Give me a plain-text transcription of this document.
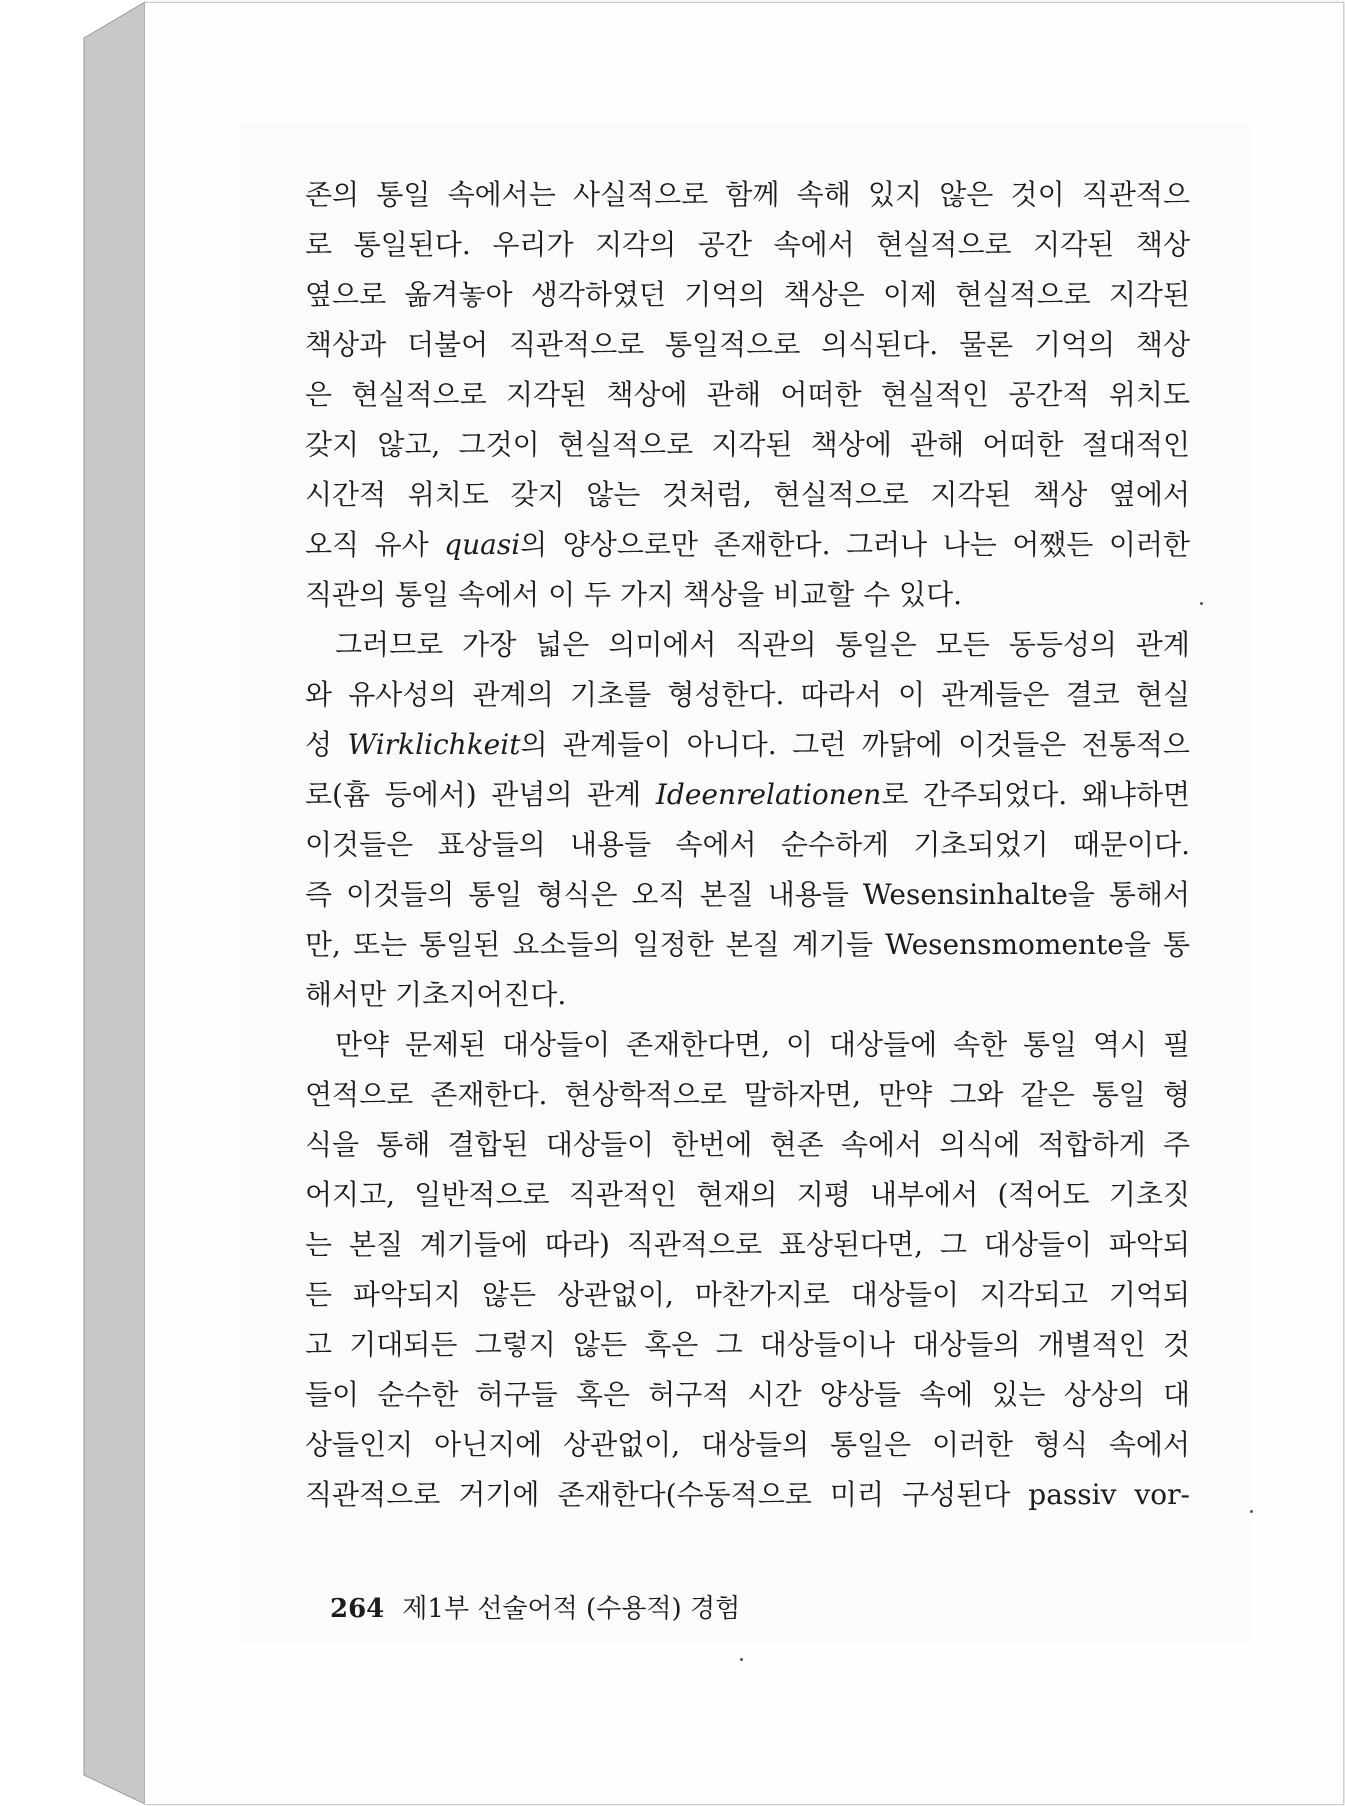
존의 통일 속에서는 사실적으로 함께 속해 있지 않은 것이 직관적으
로 통일된다. 우리가 지각의 공간 속에서 현실적으로 지각된 책상
옆으로 옮겨놓아 생각하였던 기억의 책상은 이제 현실적으로 지각된
책상과 더불어 직관적으로 통일적으로 의식된다. 물론 기억의 책상
은 현실적으로 지각된 책상에 관해 어떠한 현실적인 공간적 위치도
갖지 않고, 그것이 현실적으로 지각된 책상에 관해 어떠한 절대적인
시간적 위치도 갖지 않는 것처럼, 현실적으로 지각된 책상 옆에서
오직 유사 quasi의 양상으로만 존재한다. 그러나 나는 어쨌든 이러한
직관의 통일 속에서 이 두 가지 책상을 비교할 수 있다.
그러므로 가장 넓은 의미에서 직관의 통일은 모든 동등성의 관계
와 유사성의 관계의 기초를 형성한다. 따라서 이 관계들은 결코 현실
성 Wirklichkeit의 관계들이 아니다. 그런 까닭에 이것들은 전통적으
로(흄 등에서) 관념의 관계 Ideenrelationen로 간주되었다. 왜냐하면
이것들은 표상들의 내용들 속에서 순수하게 기초되었기 때문이다.
즉 이것들의 통일 형식은 오직 본질 내용들 Wesensinhalte을 통해서
만, 또는 통일된 요소들의 일정한 본질 계기들 Wesensmomente을 통
해서만 기초지어진다.
만약 문제된 대상들이 존재한다면, 이 대상들에 속한 통일 역시 필
연적으로 존재한다. 현상학적으로 말하자면, 만약 그와 같은 통일 형
식을 통해 결합된 대상들이 한번에 현존 속에서 의식에 적합하게 주
어지고, 일반적으로 직관적인 현재의 지평 내부에서 (적어도 기초짓
는 본질 계기들에 따라) 직관적으로 표상된다면, 그 대상들이 파악되
든 파악되지 않든 상관없이, 마찬가지로 대상들이 지각되고 기억되
고 기대되든 그렇지 않든 혹은 그 대상들이나 대상들의 개별적인 것
들이 순수한 허구들 혹은 허구적 시간 양상들 속에 있는 상상의 대
상들인지 아닌지에 상관없이, 대상들의 통일은 이러한 형식 속에서
직관적으로 거기에 존재한다(수동적으로 미리 구성된다 passiv vor-
264 제1부 선술어적 (수용적) 경험
